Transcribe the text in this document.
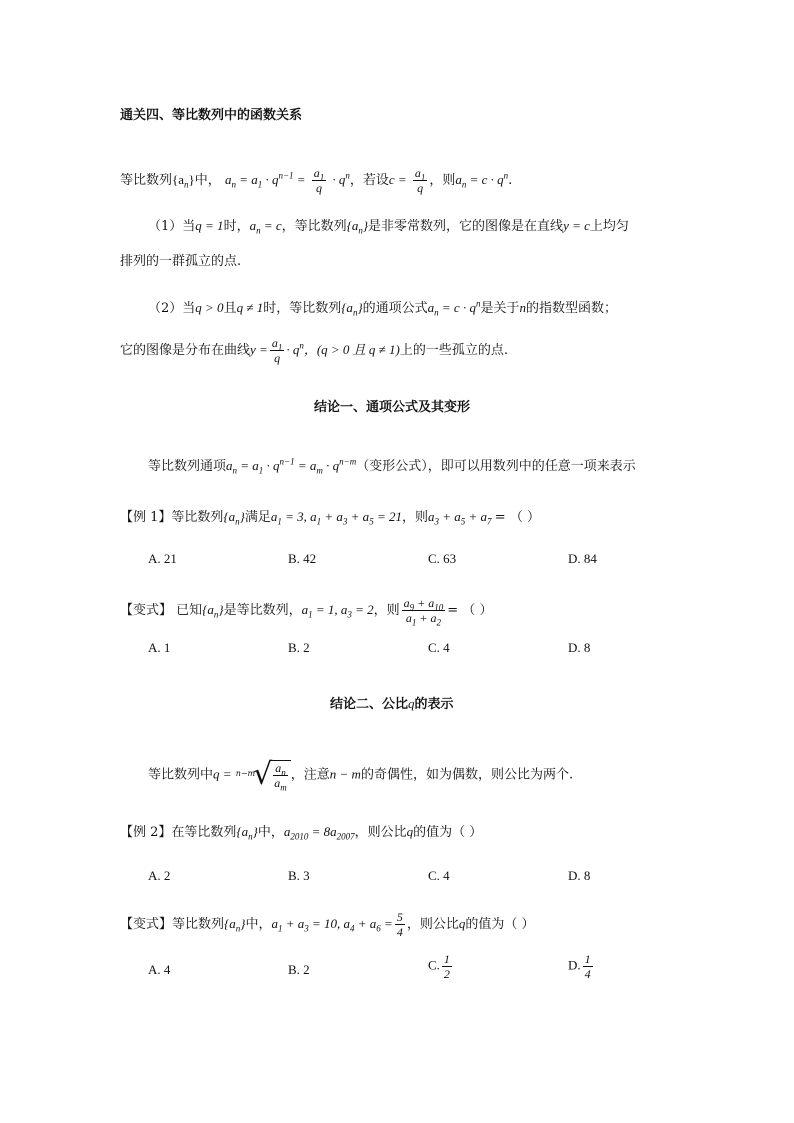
通关四、等比数列中的函数关系
等比数列$\{a_n\}$中， $a_n = a_1 \cdot q^{n-1} = \frac{a_1}{q} \cdot q^n$，若设$c = \frac{a_1}{q}$ ，则$a_n = c \cdot q^n$.
（1）当q = 1时，$a_n = c$，等比数列$\{a_n\}$是非零常数列，它的图像是在直线y = c上均匀
排列的一群孤立的点.
（2）当q > 0且q ≠ 1时，等比数列$\{a_n\}$的通项公式$a_n = c \cdot q^n$是关于n的指数型函数；
它的图像是分布在曲线$y = \frac{a_1}{q} \cdot q^n$，(q > 0 且 q ≠ 1)上的一些孤立的点.
结论一、通项公式及其变形
等比数列通项$a_n = a_1 \cdot q^{n-1} = a_m \cdot q^{n-m}$（变形公式），即可以用数列中的任意一项来表示
【例 1】等比数列$\{a_n\}$满足$a_1 = 3$, $a_1 + a_3 + a_5 = 21$，则$a_3 + a_5 + a_7$ = （ ）
A. 21	B. 42	C. 63	D. 84
【变式】 已知$\{a_n\}$是等比数列，$a_1 = 1$, $a_3 = 2$，则 $\frac{a_9 + a_{10}}{a_1 + a_2}$ = （ ）
A. 1	B. 2	C. 4	D. 8
结论二、公比q的表示
等比数列中q = n−m
√ $\frac{a_n}{a_m}$ ，注意n − m的奇偶性，如为偶数，则公比为两个.
【例 2】在等比数列$\{a_n\}$中，$a_{2010} = 8a_{2007}$，则公比q的值为（ ）
A. 2	B. 3	C. 4	D. 8
【变式】等比数列$\{a_n\}$中，$a_1 + a_3 = 10$, $a_4 + a_6 = \frac{5}{4}$ ，则公比q的值为（ ）
A. 4	B. 2	C. $\frac{1}{2}$	D. $\frac{1}{4}$
